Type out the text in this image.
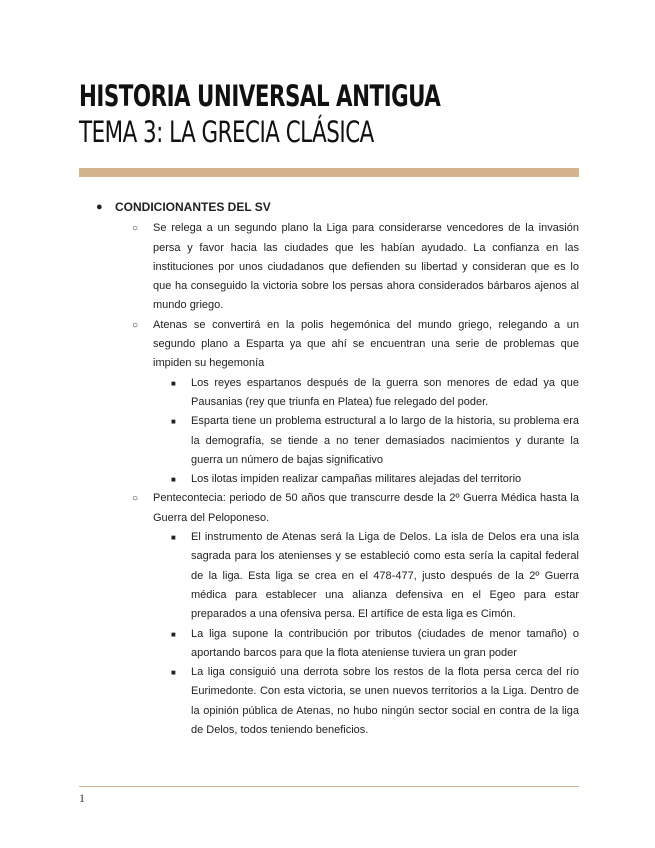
HISTORIA UNIVERSAL ANTIGUA
TEMA 3: LA GRECIA CLÁSICA
● CONDICIONANTES DEL SV
○ Se relega a un segundo plano la Liga para considerarse vencedores de la invasión persa y favor hacia las ciudades que les habían ayudado. La confianza en las instituciones por unos ciudadanos que defienden su libertad y consideran que es lo que ha conseguido la victoria sobre los persas ahora considerados bárbaros ajenos al mundo griego.
○ Atenas se convertirá en la polis hegemónica del mundo griego, relegando a un segundo plano a Esparta ya que ahí se encuentran una serie de problemas que impiden su hegemonía
■ Los reyes espartanos después de la guerra son menores de edad ya que Pausanias (rey que triunfa en Platea) fue relegado del poder.
■ Esparta tiene un problema estructural a lo largo de la historia, su problema era la demografía, se tiende a no tener demasiados nacimientos y durante la guerra un número de bajas significativo
■ Los ilotas impiden realizar campañas militares alejadas del territorio
○ Pentecontecia: periodo de 50 años que transcurre desde la 2º Guerra Médica hasta la Guerra del Peloponeso.
■ El instrumento de Atenas será la Liga de Delos. La isla de Delos era una isla sagrada para los atenienses y se estableció como esta sería la capital federal de la liga. Esta liga se crea en el 478-477, justo después de la 2º Guerra médica para establecer una alianza defensiva en el Egeo para estar preparados a una ofensiva persa. El artífice de esta liga es Cimón.
■ La liga supone la contribución por tributos (ciudades de menor tamaño) o aportando barcos para que la flota ateniense tuviera un gran poder
■ La liga consiguió una derrota sobre los restos de la flota persa cerca del río Eurimedonte. Con esta victoria, se unen nuevos territorios a la Liga. Dentro de la opinión pública de Atenas, no hubo ningún sector social en contra de la liga de Delos, todos teniendo beneficios.
1
